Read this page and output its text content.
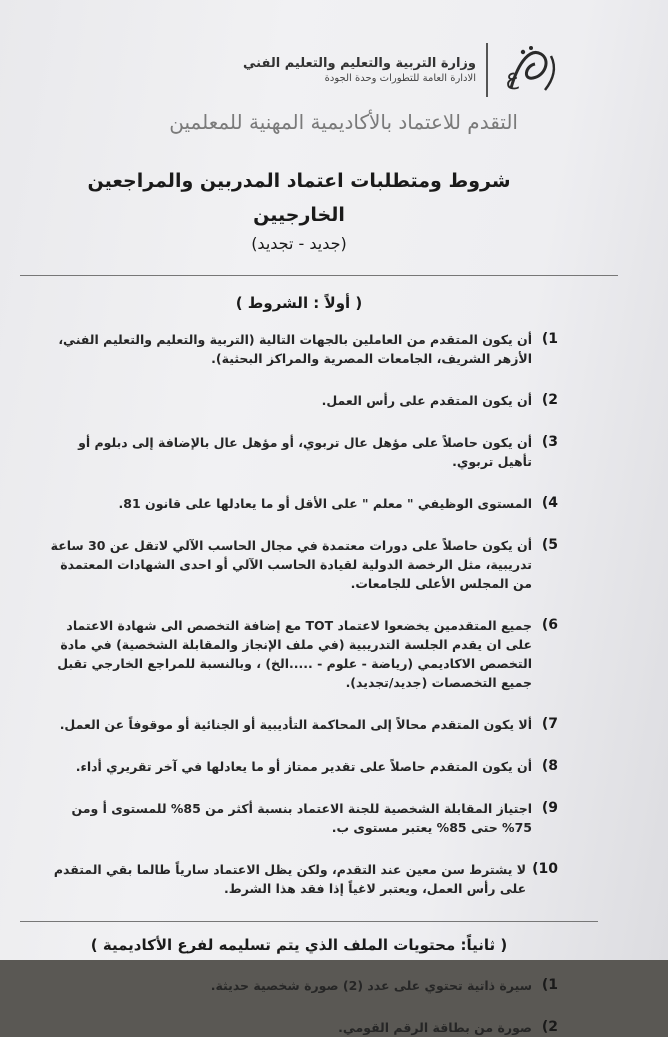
ع
وزارة التربية والتعليم والتعليم الفني
الادارة العامة للتطورات وحدة الجودة
التقدم للاعتماد بالأكاديمية المهنية للمعلمين
شروط ومتطلبات اعتماد المدربين والمراجعين
الخارجيين
(جديد - تجديد)
( أولاً : الشروط )
1)
أن يكون المتقدم من العاملين بالجهات التالية (التربية والتعليم والتعليم الفني، الأزهر الشريف، الجامعات المصرية والمراكز البحثية).
2)
أن يكون المتقدم على رأس العمل.
3)
أن يكون حاصلاً على مؤهل عال تربوي، أو مؤهل عال بالإضافة إلى دبلوم أو تأهيل تربوي.
4)
المستوى الوظيفي " معلم " على الأقل أو ما يعادلها على قانون 81.
5)
أن يكون حاصلاً على دورات معتمدة في مجال الحاسب الآلي لاتقل عن 30 ساعة تدريبية، مثل الرخصة الدولية لقيادة الحاسب الآلي أو احدى الشهادات المعتمدة من المجلس الأعلى للجامعات.
6)
جميع المتقدمين يخضعوا لاعتماد TOT مع إضافة التخصص الى شهادة الاعتماد على ان يقدم الجلسة التدريبية (في ملف الإنجاز والمقابلة الشخصية) في مادة التخصص الاكاديمي (رياضة - علوم - .....الخ) ، وبالنسبة للمراجع الخارجي تقبل جميع التخصصات (جديد/تجديد).
7)
ألا يكون المتقدم محالاً إلى المحاكمة التأديبية أو الجنائية أو موقوفاً عن العمل.
8)
أن يكون المتقدم حاصلاً على تقدير ممتاز أو ما يعادلها في آخر تقريري أداء.
9)
اجتياز المقابلة الشخصية للجنة الاعتماد بنسبة أكثر من 85% للمستوى أ ومن 75% حتى 85% يعتبر مستوى ب.
10)
لا يشترط سن معين عند التقدم، ولكن يظل الاعتماد سارياً طالما بقي المتقدم على رأس العمل، ويعتبر لاغياً إذا فقد هذا الشرط.
( ثانياً: محتويات الملف الذي يتم تسليمه لفرع الأكاديمية )
1)
سيرة ذاتية تحتوي على عدد (2) صورة شخصية حديثة.
2)
صورة من بطاقة الرقم القومي.
